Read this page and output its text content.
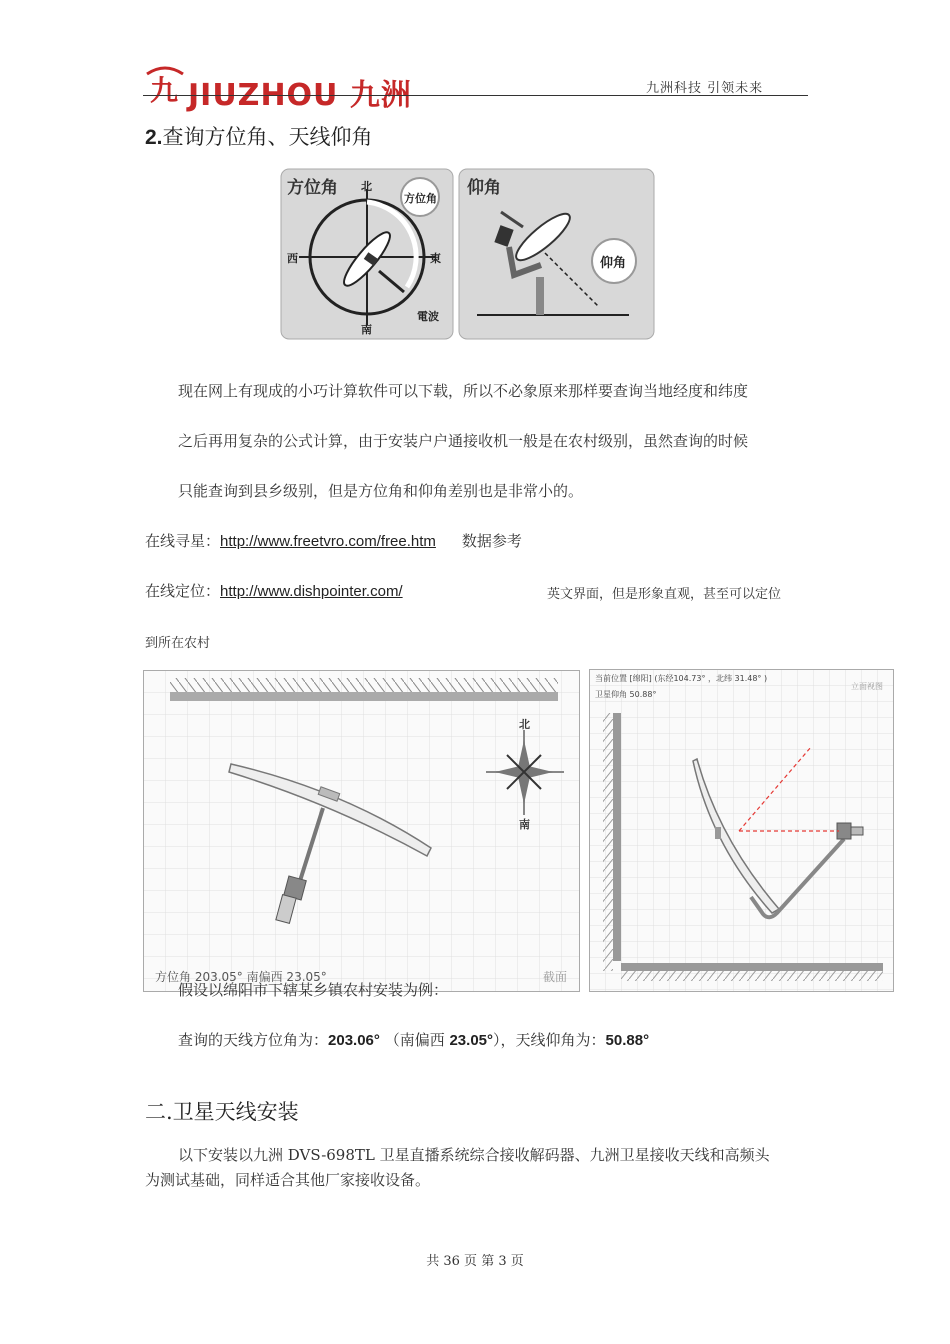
九 JIUZHOU 九洲	九洲科技 引领未来
2.查询方位角、天线仰角
方位角 北
南
西	東
方位角
電波
仰角
仰角
现在网上有现成的小巧计算软件可以下载，所以不必象原来那样要查询当地经度和纬度
之后再用复杂的公式计算，由于安装户户通接收机一般是在农村级别，虽然查询的时候
只能查询到县乡级别，但是方位角和仰角差别也是非常小的。
在线寻星：http://www.freetvro.com/free.htm 数据参考
在线定位：http://www.dishpointer.com/	英文界面，但是形象直观，甚至可以定位
到所在农村
北
南
方位角 203.05° 南偏西 23.05°	截面
当前位置 [绵阳] (东经104.73° ，北纬 31.48° )
卫星仰角 50.88°
立面视图
假设以绵阳市下辖某乡镇农村安装为例：
查询的天线方位角为：203.06° （南偏西 23.05°），天线仰角为：50.88°
二.卫星天线安装
以下安装以九洲 DVS-698TL 卫星直播系统综合接收解码器、九洲卫星接收天线和高频头
为测试基础，同样适合其他厂家接收设备。
共 36 页 第 3 页
